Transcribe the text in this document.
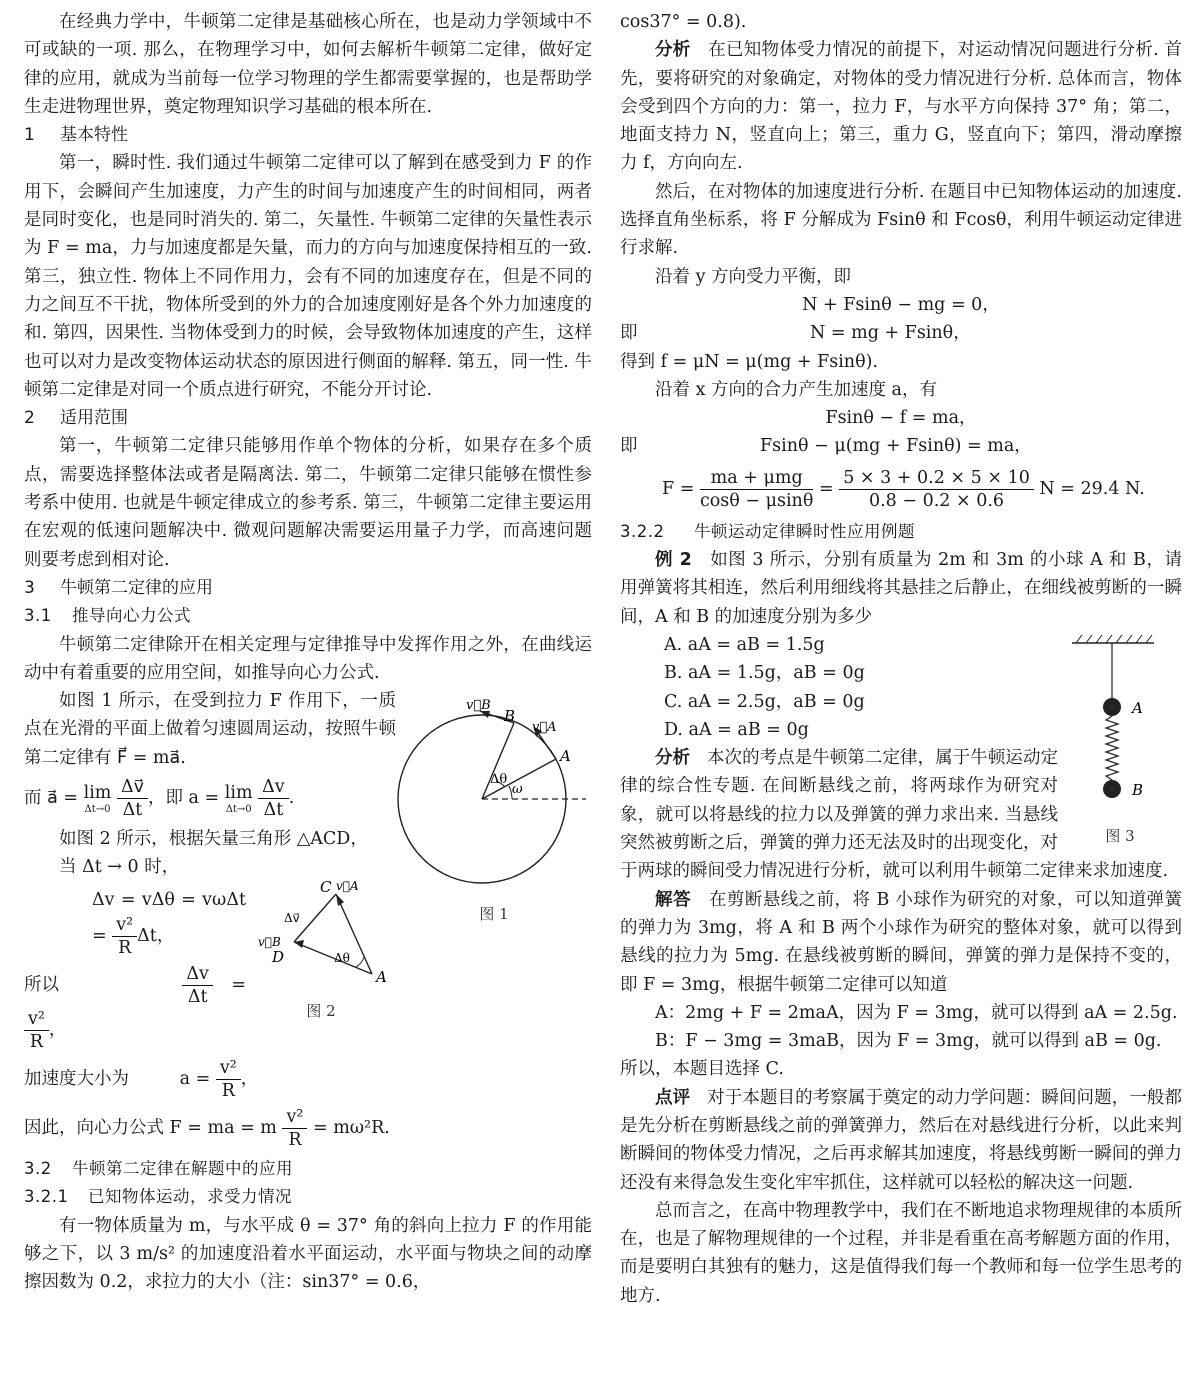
在经典力学中，牛顿第二定律是基础核心所在，也是动力学领域中不可或缺的一项. 那么，在物理学习中，如何去解析牛顿第二定律，做好定律的应用，就成为当前每一位学习物理的学生都需要掌握的，也是帮助学生走进物理世界，奠定物理知识学习基础的根本所在.

1 基本特性

第一，瞬时性. 我们通过牛顿第二定律可以了解到在感受到力 F 的作用下，会瞬间产生加速度，力产生的时间与加速度产生的时间相同，两者是同时变化，也是同时消失的. 第二，矢量性. 牛顿第二定律的矢量性表示为 F = ma，力与加速度都是矢量，而力的方向与加速度保持相互的一致. 第三，独立性. 物体上不同作用力，会有不同的加速度存在，但是不同的力之间互不干扰，物体所受到的外力的合加速度刚好是各个外力加速度的和. 第四，因果性. 当物体受到力的时候，会导致物体加速度的产生，这样也可以对力是改变物体运动状态的原因进行侧面的解释. 第五，同一性. 牛顿第二定律是对同一个质点进行研究，不能分开讨论.

2 适用范围

第一，牛顿第二定律只能够用作单个物体的分析，如果存在多个质点，需要选择整体法或者是隔离法. 第二，牛顿第二定律只能够在惯性参考系中使用. 也就是牛顿定律成立的参考系. 第三，牛顿第二定律主要运用在宏观的低速问题解决中. 微观问题解决需要运用量子力学，而高速问题则要考虑到相对论.

3 牛顿第二定律的应用

3.1 推导向心力公式

牛顿第二定律除开在相关定理与定律推导中发挥作用之外，在曲线运动中有着重要的应用空间，如推导向心力公式.

v⃗B
B
v⃗A
A
Δθ
ω
图 1

如图 1 所示，在受到拉力 F 作用下，一质点在光滑的平面上做着匀速圆周运动，按照牛顿第二定律有 F⃗ = ma⃗.

而 a⃗ = lim
Δt→0
$\frac{\Delta v⃗}{\Delta t}$ ，即 a = lim
Δt→0
$\frac{\Delta v}{\Delta t}$ .

如图 2 所示，根据矢量三角形 △ACD，

当 Δt → 0 时，

C v⃗A
Δv⃗
v⃗B
D	Δθ
A
图 2

$\Delta v = v\Delta\theta = v\omega\Delta t = \frac{\text{v²}}{R}$ Δt，

所以	$\frac{\Delta v}{\Delta t}$ =
$\frac{\text{v²}}{R}$ ，

加速度大小为	$a = \frac{\text{v²}}{R}$ ，

因此，向心力公式 F = ma = m $\frac{\text{v²}}{R} = m\omega^2R$.

3.2 牛顿第二定律在解题中的应用

3.2.1 已知物体运动，求受力情况

有一物体质量为 m，与水平成 θ = 37° 角的斜向上拉力 F 的作用能够之下，以 3 m/s² 的加速度沿着水平面运动，水平面与物块之间的动摩擦因数为 0.2，求拉力的大小（注：sin37° = 0.6，

cos37° = 0.8).

分析 在已知物体受力情况的前提下，对运动情况问题进行分析. 首先，要将研究的对象确定，对物体的受力情况进行分析. 总体而言，物体会受到四个方向的力：第一，拉力 F，与水平方向保持 37° 角；第二，地面支持力 N，竖直向上；第三，重力 G，竖直向下；第四，滑动摩擦力 f，方向向左.

然后，在对物体的加速度进行分析. 在题目中已知物体运动的加速度. 选择直角坐标系，将 F 分解成为 Fsinθ 和 Fcosθ，利用牛顿运动定律进行求解.

沿着 y 方向受力平衡，即

N + Fsinθ − mg = 0，

即	N = mg + Fsinθ，

得到 f = μN = μ(mg + Fsinθ).

沿着 x 方向的合力产生加速度 a，有

Fsinθ − f = ma，

即	Fsinθ − μ(mg + Fsinθ) = ma，

$F = \frac{\text{ma + μmg}}{\cos\theta - \mu\sin\theta} = \frac{5 \times 3 + 0.2 \times 5 \times 10}{0.8 - 0.2 \times 0.6}$ N = 29.4 N.

3.2.2 牛顿运动定律瞬时性应用例题

例 2 如图 3 所示，分别有质量为 2m 和 3m 的小球 A 和 B，请用弹簧将其相连，然后利用细线将其悬挂之后静止，在细线被剪断的一瞬间，A 和 B 的加速度分别为多少

A
B
图 3

A. aA = aB = 1.5g

B. aA = 1.5g，aB = 0g

C. aA = 2.5g，aB = 0g

D. aA = aB = 0g

分析 本次的考点是牛顿第二定律，属于牛顿运动定律的综合性专题. 在间断悬线之前，将两球作为研究对象，就可以将悬线的拉力以及弹簧的弹力求出来. 当悬线突然被剪断之后，弹簧的弹力还无法及时的出现变化，对于两球的瞬间受力情况进行分析，就可以利用牛顿第二定律来求加速度.

解答 在剪断悬线之前，将 B 小球作为研究的对象，可以知道弹簧的弹力为 3mg，将 A 和 B 两个小球作为研究的整体对象，就可以得到悬线的拉力为 5mg. 在悬线被剪断的瞬间，弹簧的弹力是保持不变的，即 F = 3mg，根据牛顿第二定律可以知道

A：2mg + F = 2maA，因为 F = 3mg，就可以得到 aA = 2.5g.

B：F − 3mg = 3maB，因为 F = 3mg，就可以得到 aB = 0g.

所以，本题目选择 C.

点评 对于本题目的考察属于奠定的动力学问题：瞬间问题，一般都是先分析在剪断悬线之前的弹簧弹力，然后在对悬线进行分析，以此来判断瞬间的物体受力情况，之后再求解其加速度，将悬线剪断一瞬间的弹力还没有来得急发生变化牢牢抓住，这样就可以轻松的解决这一问题.

总而言之，在高中物理教学中，我们在不断地追求物理规律的本质所在，也是了解物理规律的一个过程，并非是看重在高考解题方面的作用，而是要明白其独有的魅力，这是值得我们每一个教师和每一位学生思考的地方.
